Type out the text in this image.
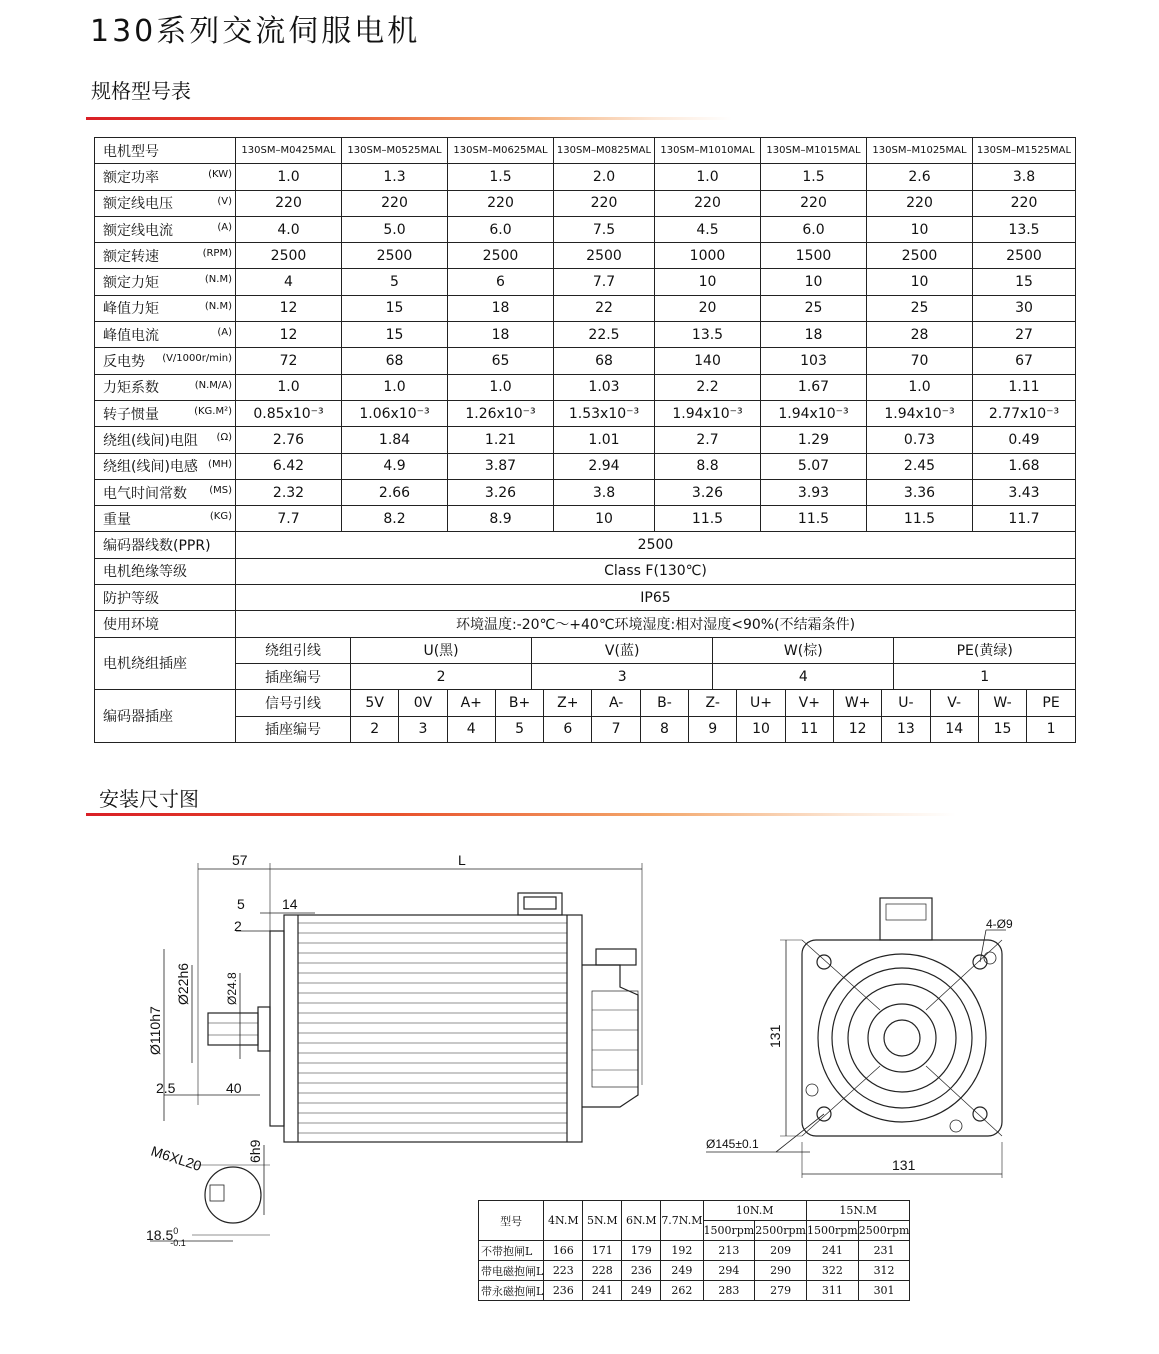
130系列交流伺服电机
规格型号表
电机型号	130SM–M0425MAL	130SM–M0525MAL	130SM–M0625MAL	130SM–M0825MAL	130SM–M1010MAL	130SM–M1015MAL	130SM–M1025MAL	130SM–M1525MAL
额定功率	(KW)	1.0	1.3	1.5	2.0	1.0	1.5	2.6	3.8
额定线电压	(V)	220	220	220	220	220	220	220	220
额定线电流	(A)	4.0	5.0	6.0	7.5	4.5	6.0	10	13.5
额定转速	(RPM)	2500	2500	2500	2500	1000	1500	2500	2500
额定力矩	(N.M)	4	5	6	7.7	10	10	10	15
峰值力矩	(N.M)	12	15	18	22	20	25	25	30
峰值电流	(A)	12	15	18	22.5	13.5	18	28	27
反电势 (V/1000r/min)	72	68	65	68	140	103	70	67
力矩系数	(N.M/A)	1.0	1.0	1.0	1.03	2.2	1.67	1.0	1.11
转子惯量	(KG.M²)	0.85x10⁻³	1.06x10⁻³	1.26x10⁻³	1.53x10⁻³	1.94x10⁻³	1.94x10⁻³	1.94x10⁻³	2.77x10⁻³
绕组(线间)电阻 (Ω)	2.76	1.84	1.21	1.01	2.7	1.29	0.73	0.49
绕组(线间)电感 (MH)	6.42	4.9	3.87	2.94	8.8	5.07	2.45	1.68
电气时间常数 (MS)	2.32	2.66	3.26	3.8	3.26	3.93	3.36	3.43
重量	(KG)	7.7	8.2	8.9	10	11.5	11.5	11.5	11.7
编码器线数(PPR)	2500
电机绝缘等级	Class F(130℃)
防护等级	IP65
使用环境	环境温度:-20℃～+40℃环境湿度:相对湿度<90%(不结霜条件)
电机绕组插座	
绕组引线	U(黑)	V(蓝)	W(棕)	PE(黄绿)

插座编号	2	3	4	1

编码器插座	
信号引线	5V	0V	A+	B+	Z+	A-	B-	Z-	U+	V+	W+	U-	V-	W-	PE

插座编号	2	3	4	5	6	7	8	9	10	11	12	13	14	15	1
安装尺寸图
57	L
5	14
2
Ø110h7
Ø22h6	Ø24.8
2.5	40
6h9
M6XL20
18.5$^0$ -0.1
131
131
Ø145±0.1
4-Ø9
型号	4N.M	5N.M	6N.M	7.7N.M	10N.M		15N.M	
					1500rpm	2500rpm	1500rpm	2500rpm
不带抱闸L	166	171	179	192	213	209	241	231
带电磁抱闸L	223	228	236	249	294	290	322	312
带永磁抱闸L	236	241	249	262	283	279	311	301
